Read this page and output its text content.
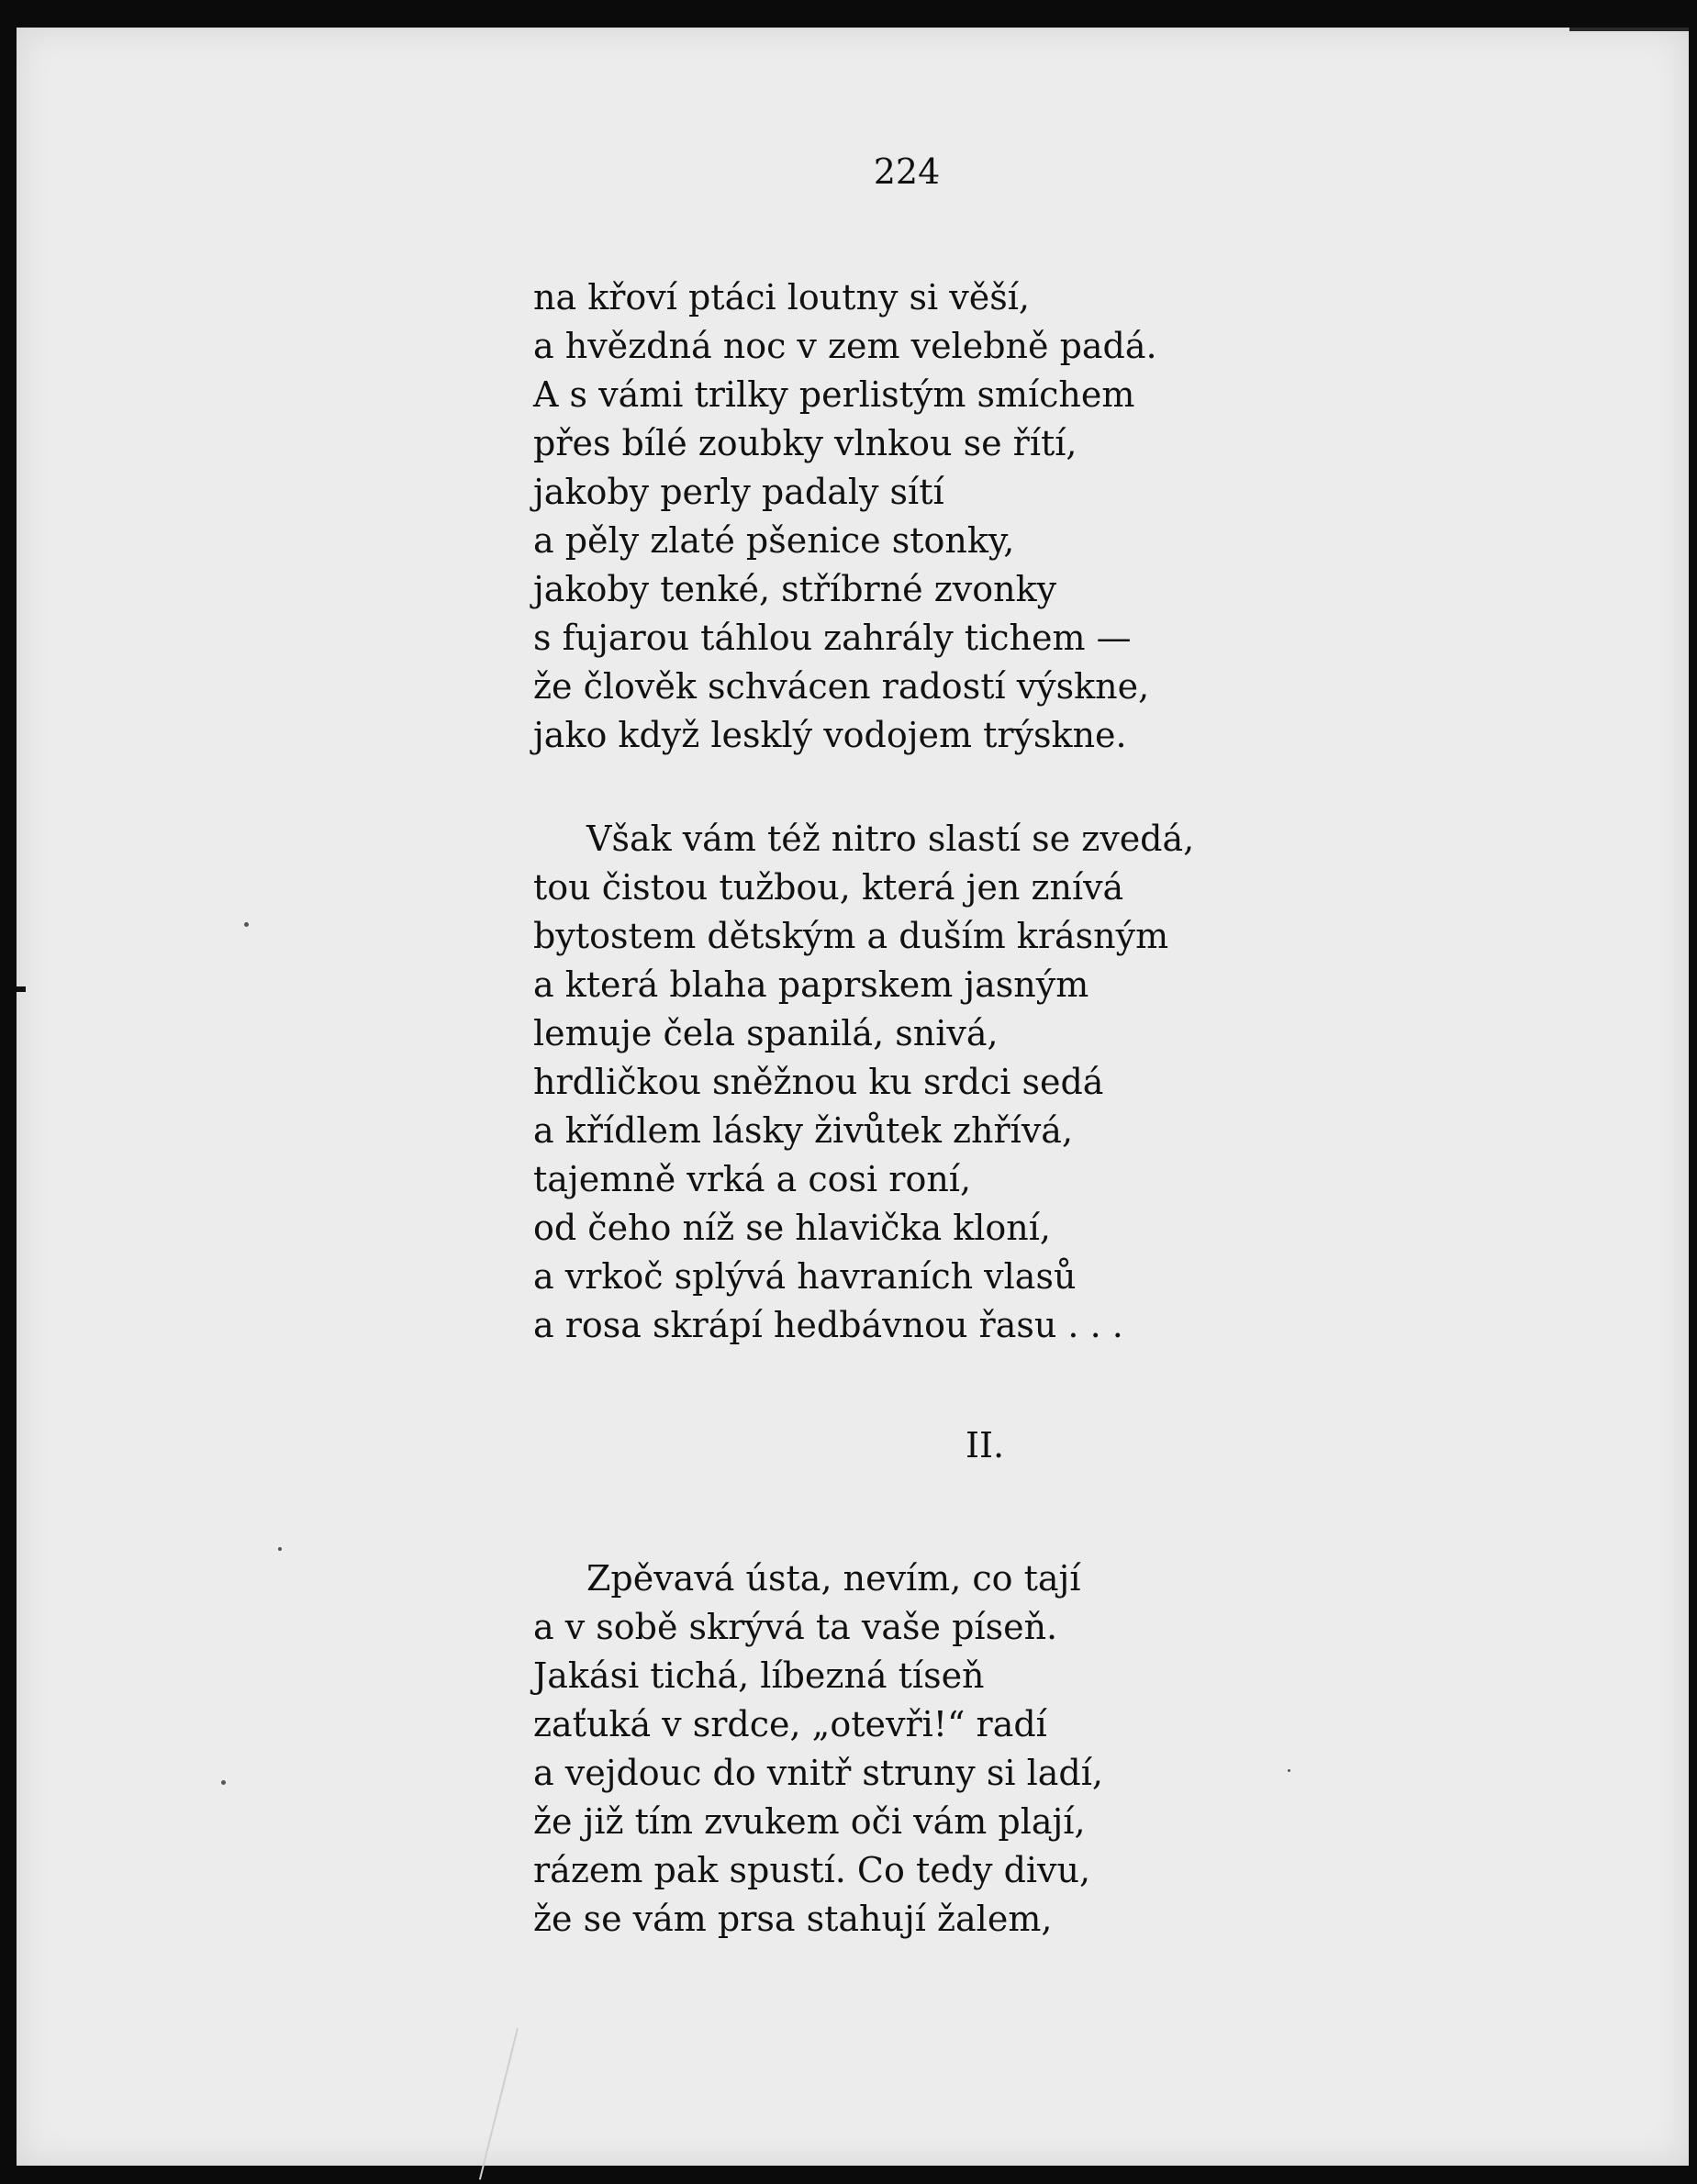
224

na křoví ptáci loutny si věší,

a hvězdná noc v zem velebně padá.

A s vámi trilky perlistým smíchem

přes bílé zoubky vlnkou se řítí,

jakoby perly padaly sítí

a pěly zlaté pšenice stonky,

jakoby tenké, stříbrné zvonky

s fujarou táhlou zahrály tichem —

že člověk schvácen radostí výskne,

jako když lesklý vodojem trýskne.

Však vám též nitro slastí se zvedá,

tou čistou tužbou, která jen znívá

bytostem dětským a duším krásným

a která blaha paprskem jasným

lemuje čela spanilá, snivá,

hrdličkou sněžnou ku srdci sedá

a křídlem lásky živůtek zhřívá,

tajemně vrká a cosi roní,

od čeho níž se hlavička kloní,

a vrkoč splývá havraních vlasů

a rosa skrápí hedbávnou řasu . . .

II.

Zpěvavá ústa, nevím, co tají

a v sobě skrývá ta vaše píseň.

Jakási tichá, líbezná tíseň

zaťuká v srdce, „otevři!“ radí

a vejdouc do vnitř struny si ladí,

že již tím zvukem oči vám plají,

rázem pak spustí. Co tedy divu,

že se vám prsa stahují žalem,
